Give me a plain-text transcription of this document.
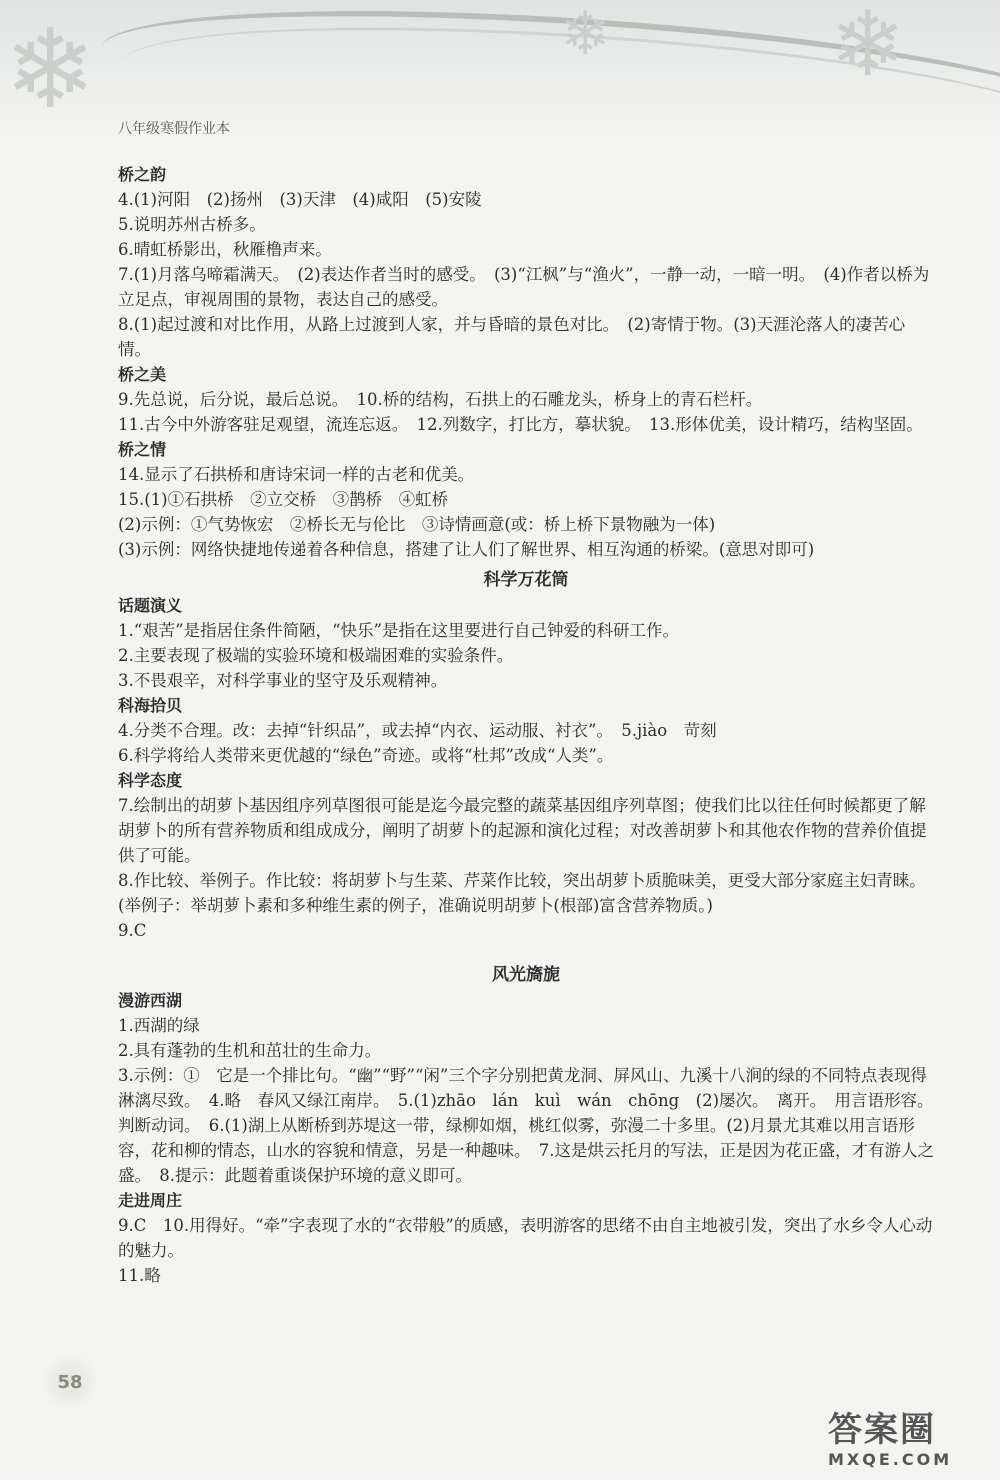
❄	❄ ❄
八年级寒假作业本

桥之韵

4.(1)河阳　(2)扬州　(3)天津　(4)咸阳　(5)安陵

5.说明苏州古桥多。

6.晴虹桥影出，秋雁橹声来。

7.(1)月落乌啼霜满天。　(2)表达作者当时的感受。　(3)“江枫”与“渔火”，一静一动，一暗一明。　(4)作者以桥为立足点，审视周围的景物，表达自己的感受。

8.(1)起过渡和对比作用，从路上过渡到人家，并与昏暗的景色对比。　(2)寄情于物。(3)天涯沦落人的凄苦心情。

桥之美

9.先总说，后分说，最后总说。　10.桥的结构，石拱上的石雕龙头，桥身上的青石栏杆。

11.古今中外游客驻足观望，流连忘返。　12.列数字，打比方，摹状貌。　13.形体优美，设计精巧，结构坚固。

桥之情

14.显示了石拱桥和唐诗宋词一样的古老和优美。

15.(1)①石拱桥　②立交桥　③鹊桥　④虹桥

(2)示例：①气势恢宏　②桥长无与伦比　③诗情画意(或：桥上桥下景物融为一体)

(3)示例：网络快捷地传递着各种信息，搭建了让人们了解世界、相互沟通的桥梁。(意思对即可)

科学万花筒

话题演义

1.“艰苦”是指居住条件简陋，“快乐”是指在这里要进行自己钟爱的科研工作。

2.主要表现了极端的实验环境和极端困难的实验条件。

3.不畏艰辛，对科学事业的坚守及乐观精神。

科海拾贝

4.分类不合理。改：去掉“针织品”，或去掉“内衣、运动服、衬衣”。　5.jiào　苛刻

6.科学将给人类带来更优越的“绿色”奇迹。或将“杜邦”改成“人类”。

科学态度

7.绘制出的胡萝卜基因组序列草图很可能是迄今最完整的蔬菜基因组序列草图；使我们比以往任何时候都更了解胡萝卜的所有营养物质和组成成分，阐明了胡萝卜的起源和演化过程；对改善胡萝卜和其他农作物的营养价值提供了可能。

8.作比较、举例子。作比较：将胡萝卜与生菜、芹菜作比较，突出胡萝卜质脆味美，更受大部分家庭主妇青睐。(举例子：举胡萝卜素和多种维生素的例子，准确说明胡萝卜(根部)富含营养物质。)

9.C

风光旖旎

漫游西湖

1.西湖的绿

2.具有蓬勃的生机和茁壮的生命力。

3.示例：①　它是一个排比句。“幽”“野”“闲”三个字分别把黄龙洞、屏风山、九溪十八涧的绿的不同特点表现得淋漓尽致。　4.略　春风又绿江南岸。　5.(1)zhāo　lán　kuì　wán　chōng　(2)屡次。　离开。　用言语形容。　判断动词。　6.(1)湖上从断桥到苏堤这一带，绿柳如烟，桃红似雾，弥漫二十多里。(2)月景尤其难以用言语形容，花和柳的情态，山水的容貌和情意，另是一种趣味。　7.这是烘云托月的写法，正是因为花正盛，才有游人之盛。　8.提示：此题着重谈保护环境的意义即可。

走进周庄

9.C　10.用得好。“牵”字表现了水的“衣带般”的质感，表明游客的思绪不由自主地被引发，突出了水乡令人心动的魅力。

11.略

58
答案圈
MXQE.COM
